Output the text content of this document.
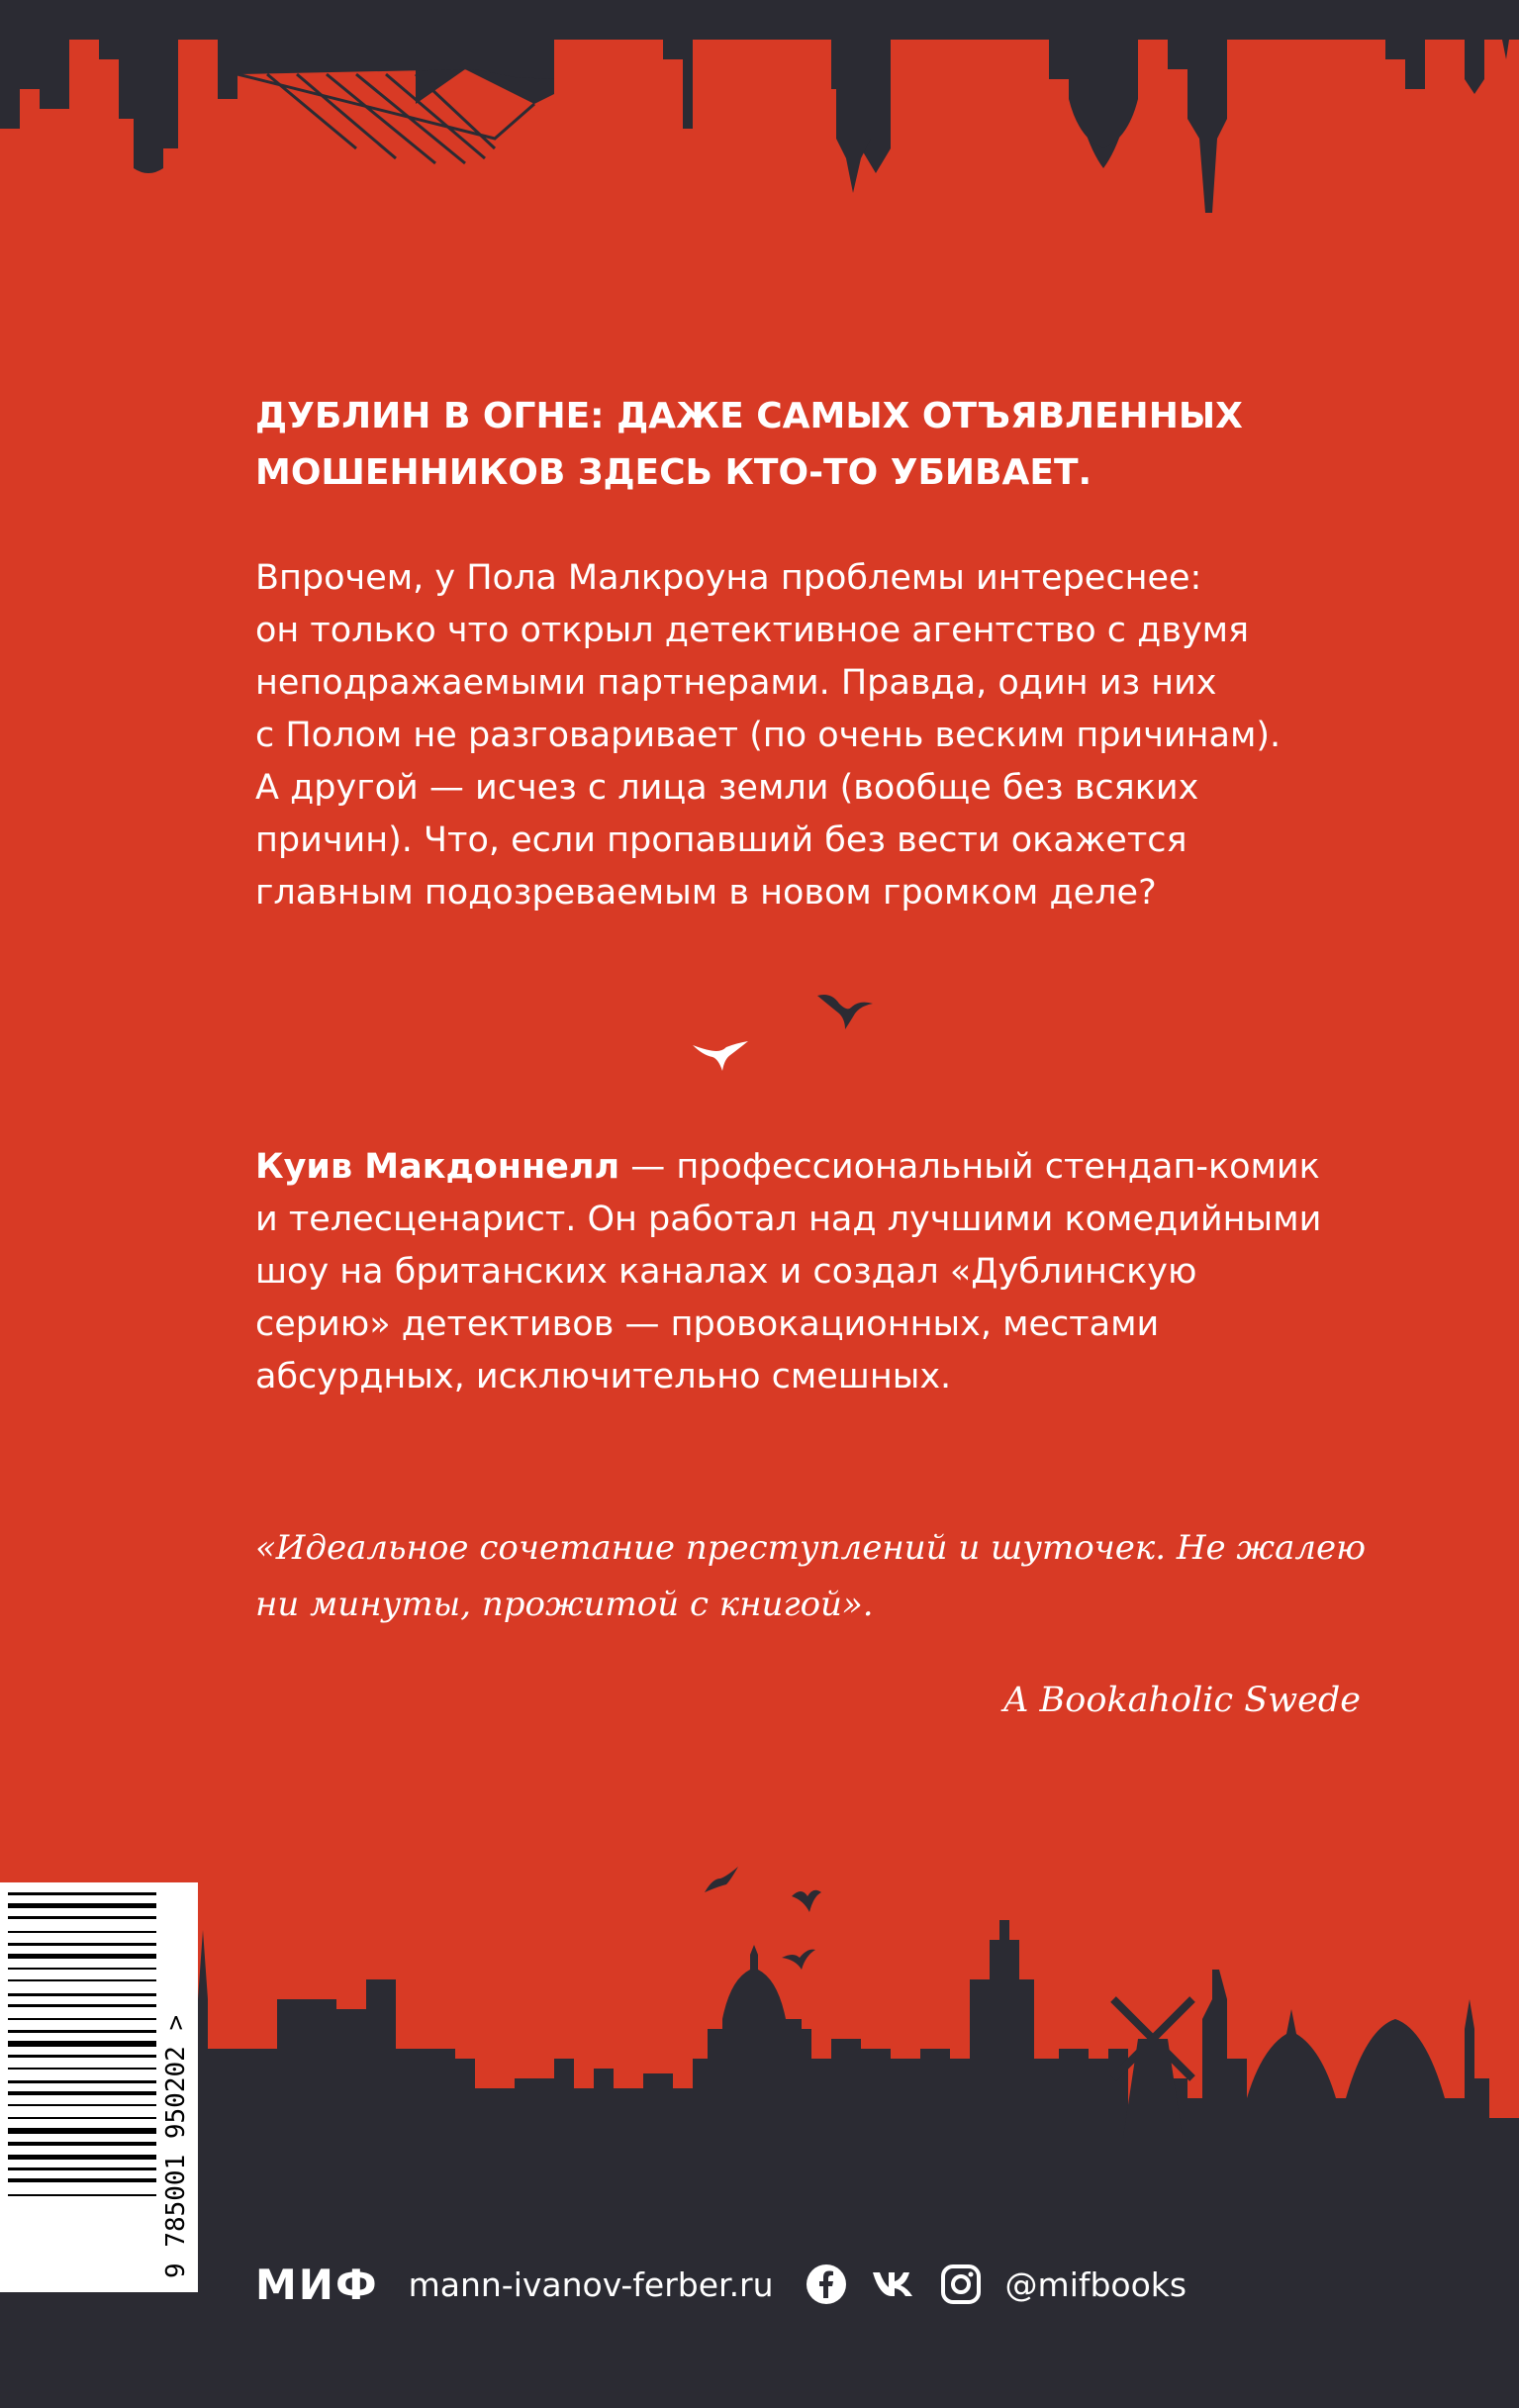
ДУБЛИН В ОГНЕ: ДАЖЕ САМЫХ ОТЪЯВЛЕННЫХ
МОШЕННИКОВ ЗДЕСЬ КТО-ТО УБИВАЕТ.
Впрочем, у Пола Малкроуна проблемы интереснее:
он только что открыл детективное агентство с двумя
неподражаемыми партнерами. Правда, один из них
с Полом не разговаривает (по очень веским причинам).
А другой — исчез с лица земли (вообще без всяких
причин). Что, если пропавший без вести окажется
главным подозреваемым в новом громком деле?
Куив Макдоннелл — профессиональный стендап-комик
и телесценарист. Он работал над лучшими комедийными
шоу на британских каналах и создал «Дублинскую
серию» детективов — провокационных, местами
абсурдных, исключительно смешных.
«Идеальное сочетание преступлений и шуточек. Не жалею
ни минуты, прожитой с книгой».
A Bookaholic Swede
9 785001 950202 >
МИФ mann-ivanov-ferber.ru	@mifbooks
